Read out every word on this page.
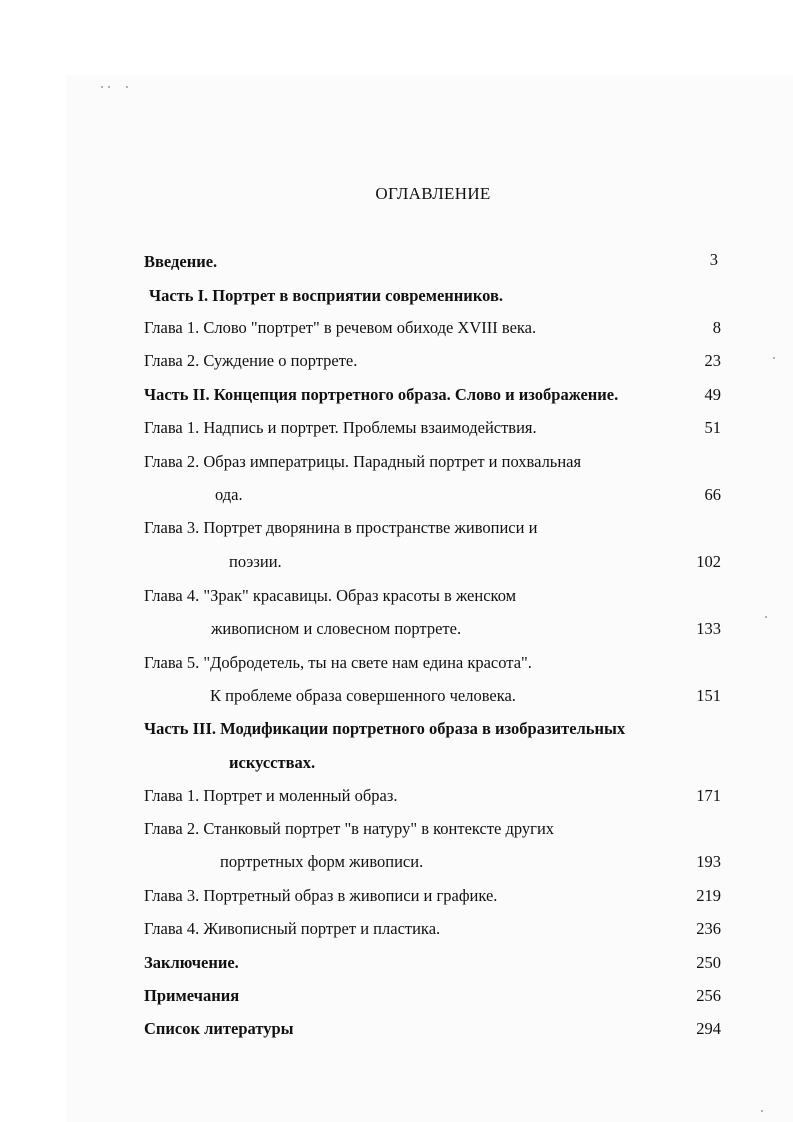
ОГЛАВЛЕНИЕ
Введение.	3
Часть I. Портрет в восприятии современников.
Глава 1. Слово "портрет" в речевом обиходе XVIII века.	8
Глава 2. Суждение о портрете.	23
Часть II. Концепция портретного образа. Слово и изображение.	49
Глава 1. Надпись и портрет. Проблемы взаимодействия.	51
Глава 2. Образ императрицы. Парадный портрет и похвальная
ода.	66
Глава 3. Портрет дворянина в пространстве живописи и
поэзии.	102
Глава 4. "Зрак" красавицы. Образ красоты в женском
живописном и словесном портрете.	133
Глава 5. "Добродетель, ты на свете нам едина красота".
К проблеме образа совершенного человека.	151
Часть III. Модификации портретного образа в изобразительных
искусствах.
Глава 1. Портрет и моленный образ.	171
Глава 2. Станковый портрет "в натуру" в контексте других
портретных форм живописи.	193
Глава 3. Портретный образ в живописи и графике.	219
Глава 4. Живописный портрет и пластика.	236
Заключение.	250
Примечания	256
Список литературы	294
